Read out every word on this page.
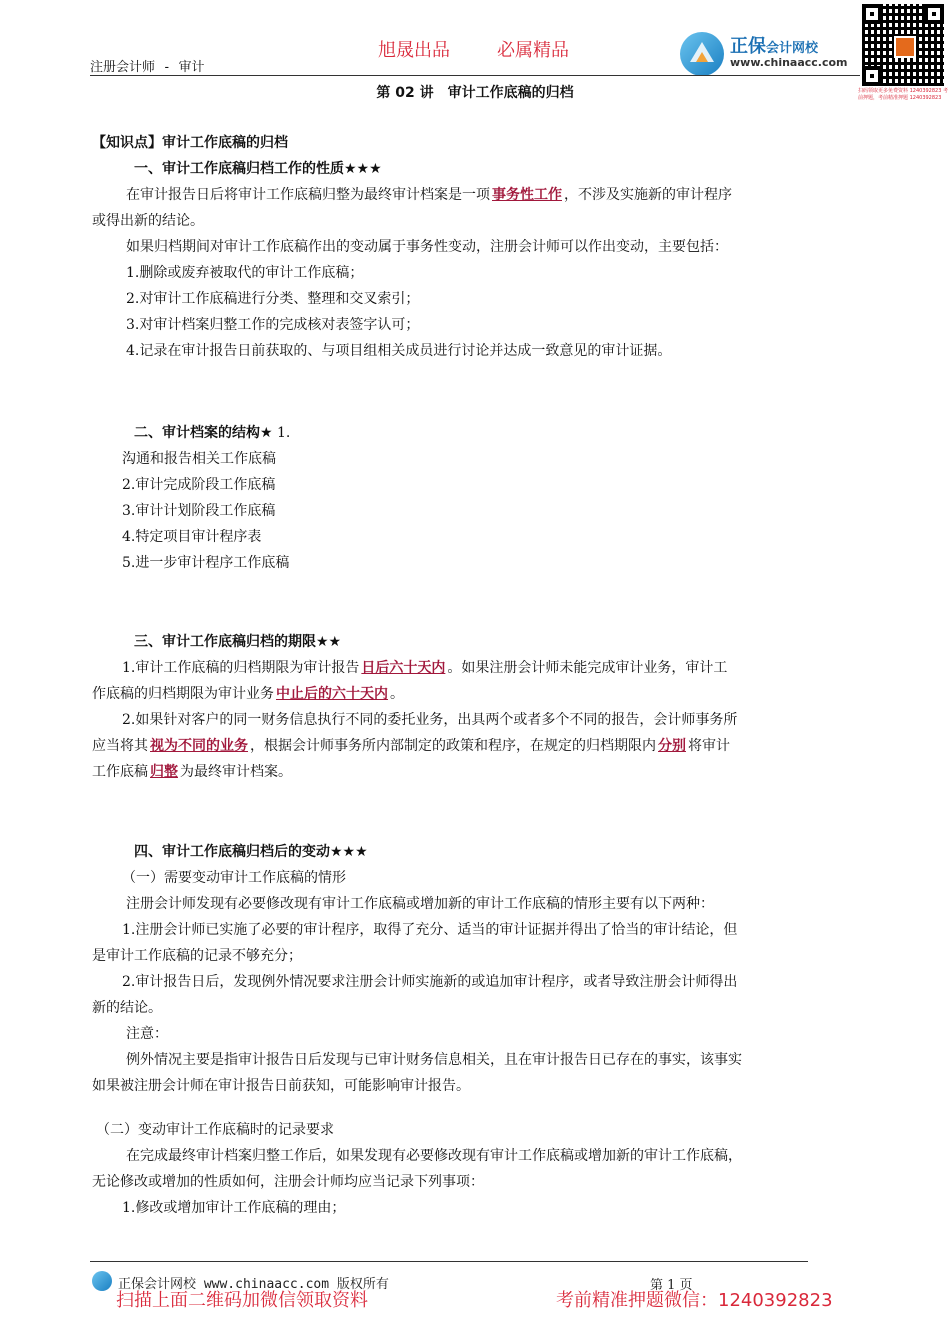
旭晟出品	必属精品
注册会计师 - 审计
正保会计网校
www.chinaacc.com
扫码领取更多免费资料 1240392823 考前押题，考前精准押题 1240392823
第 02 讲　审计工作底稿的归档
【知识点】审计工作底稿的归档
一、审计工作底稿归档工作的性质★★★
在审计报告日后将审计工作底稿归整为最终审计档案是一项 事务性工作 ，不涉及实施新的审计程序
或得出新的结论。
如果归档期间对审计工作底稿作出的变动属于事务性变动，注册会计师可以作出变动，主要包括：
1.删除或废弃被取代的审计工作底稿；
2.对审计工作底稿进行分类、整理和交叉索引；
3.对审计档案归整工作的完成核对表签字认可；
4.记录在审计报告日前获取的、与项目组相关成员进行讨论并达成一致意见的审计证据。
二、审计档案的结构★ 1.
沟通和报告相关工作底稿
2.审计完成阶段工作底稿
3.审计计划阶段工作底稿
4.特定项目审计程序表
5.进一步审计程序工作底稿
三、审计工作底稿归档的期限★★
1.审计工作底稿的归档期限为审计报告 日后六十天内 。如果注册会计师未能完成审计业务，审计工
作底稿的归档期限为审计业务 中止后的六十天内 。
2.如果针对客户的同一财务信息执行不同的委托业务，出具两个或者多个不同的报告，会计师事务所
应当将其 视为不同的业务 ，根据会计师事务所内部制定的政策和程序，在规定的归档期限内 分别 将审计
工作底稿 归整 为最终审计档案。
四、审计工作底稿归档后的变动★★★
（一）需要变动审计工作底稿的情形
注册会计师发现有必要修改现有审计工作底稿或增加新的审计工作底稿的情形主要有以下两种：
1.注册会计师已实施了必要的审计程序，取得了充分、适当的审计证据并得出了恰当的审计结论，但
是审计工作底稿的记录不够充分；
2.审计报告日后，发现例外情况要求注册会计师实施新的或追加审计程序，或者导致注册会计师得出
新的结论。
注意：
例外情况主要是指审计报告日后发现与已审计财务信息相关，且在审计报告日已存在的事实，该事实
如果被注册会计师在审计报告日前获知，可能影响审计报告。
（二）变动审计工作底稿时的记录要求
在完成最终审计档案归整工作后，如果发现有必要修改现有审计工作底稿或增加新的审计工作底稿，
无论修改或增加的性质如何，注册会计师均应当记录下列事项：
1.修改或增加审计工作底稿的理由；
正保会计网校 www.chinaacc.com 版权所有	第 1 页
扫描上面二维码加微信领取资料	考前精准押题微信：1240392823
